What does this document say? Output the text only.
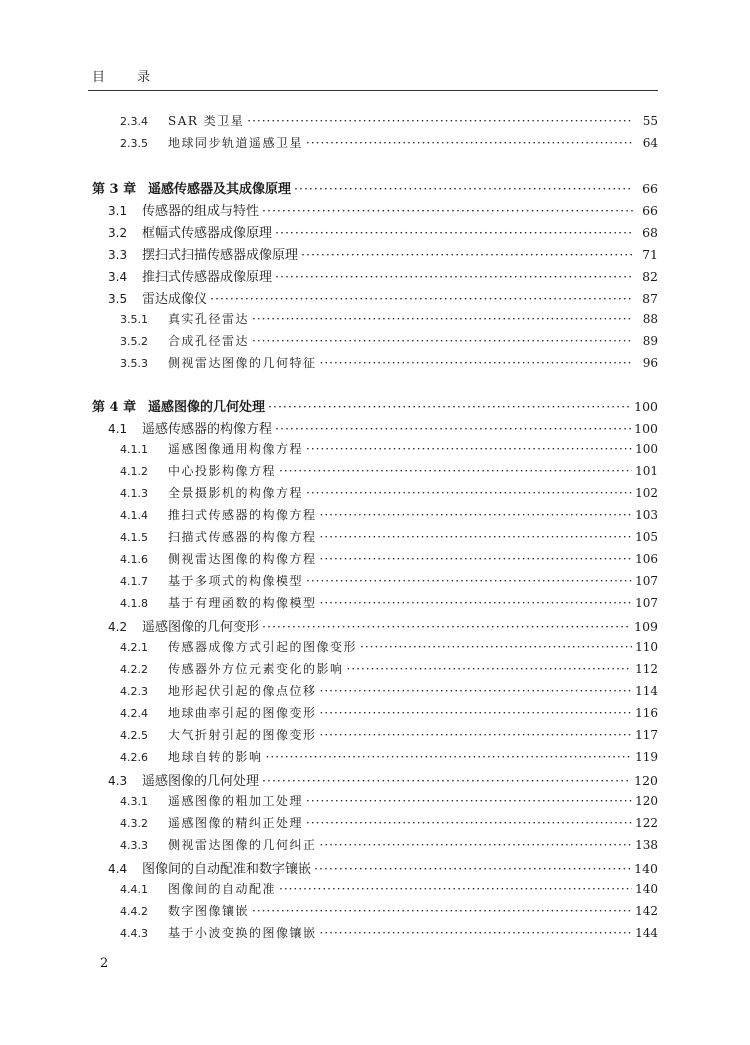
目 录
2.3.4	SAR 类卫星 ·····	55
2.3.5	地球同步轨道遥感卫星 ·····	64
第 3 章 遥感传感器及其成像原理 ·····	66
3.1	传感器的组成与特性 ·····	66
3.2	框幅式传感器成像原理 ·····	68
3.3	摆扫式扫描传感器成像原理 ·····	71
3.4	推扫式传感器成像原理 ·····	82
3.5	雷达成像仪 ·····	87
3.5.1	真实孔径雷达 ·····	88
3.5.2	合成孔径雷达 ·····	89
3.5.3	侧视雷达图像的几何特征 ·····	96
第 4 章 遥感图像的几何处理 ·····	100
4.1	遥感传感器的构像方程 ·····	100
4.1.1	遥感图像通用构像方程 ·····	100
4.1.2	中心投影构像方程 ·····	101
4.1.3	全景摄影机的构像方程 ·····	102
4.1.4	推扫式传感器的构像方程 ·····	103
4.1.5	扫描式传感器的构像方程 ·····	105
4.1.6	侧视雷达图像的构像方程 ·····	106
4.1.7	基于多项式的构像模型 ·····	107
4.1.8	基于有理函数的构像模型 ·····	107
4.2	遥感图像的几何变形 ·····	109
4.2.1	传感器成像方式引起的图像变形 ·····	110
4.2.2	传感器外方位元素变化的影响 ·····	112
4.2.3	地形起伏引起的像点位移 ·····	114
4.2.4	地球曲率引起的图像变形 ·····	116
4.2.5	大气折射引起的图像变形 ·····	117
4.2.6	地球自转的影响 ·····	119
4.3	遥感图像的几何处理 ·····	120
4.3.1	遥感图像的粗加工处理 ·····	120
4.3.2	遥感图像的精纠正处理 ·····	122
4.3.3	侧视雷达图像的几何纠正 ·····	138
4.4	图像间的自动配准和数字镶嵌 ·····	140
4.4.1	图像间的自动配准 ·····	140
4.4.2	数字图像镶嵌 ·····	142
4.4.3	基于小波变换的图像镶嵌 ·····	144
2
